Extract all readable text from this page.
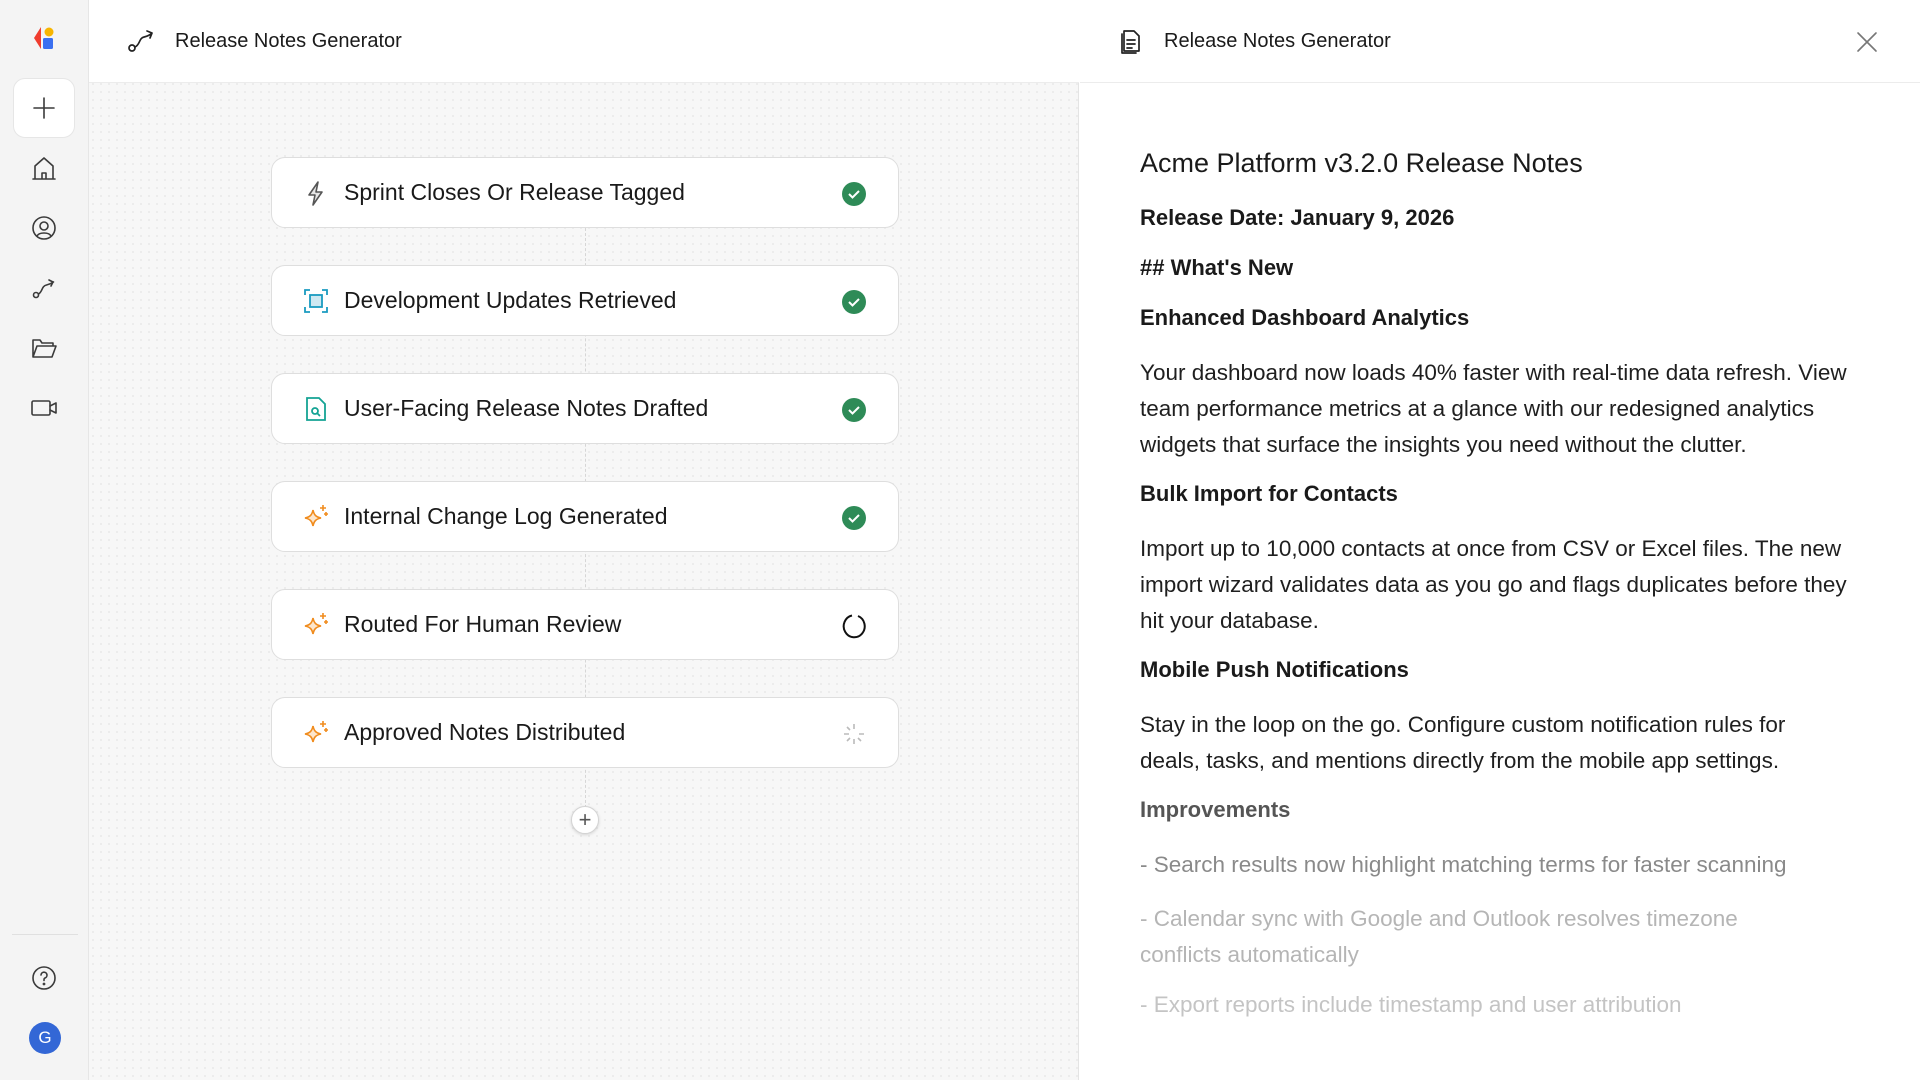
G
Release Notes Generator
Sprint Closes Or Release Tagged
Development Updates Retrieved
User-Facing Release Notes Drafted
Internal Change Log Generated
Routed For Human Review
Approved Notes Distributed
+
Release Notes Generator
Acme Platform v3.2.0 Release Notes
Release Date: January 9, 2026
## What's New
Enhanced Dashboard Analytics

Your dashboard now loads 40% faster with real-time data refresh. View team performance metrics at a glance with our redesigned analytics widgets that surface the insights you need without the clutter.

Bulk Import for Contacts

Import up to 10,000 contacts at once from CSV or Excel files. The new import wizard validates data as you go and flags duplicates before they hit your database.

Mobile Push Notifications

Stay in the loop on the go. Configure custom notification rules for deals, tasks, and mentions directly from the mobile app settings.

Improvements

- Search results now highlight matching terms for faster scanning

- Calendar sync with Google and Outlook resolves timezone
conflicts automatically

- Export reports include timestamp and user attribution
